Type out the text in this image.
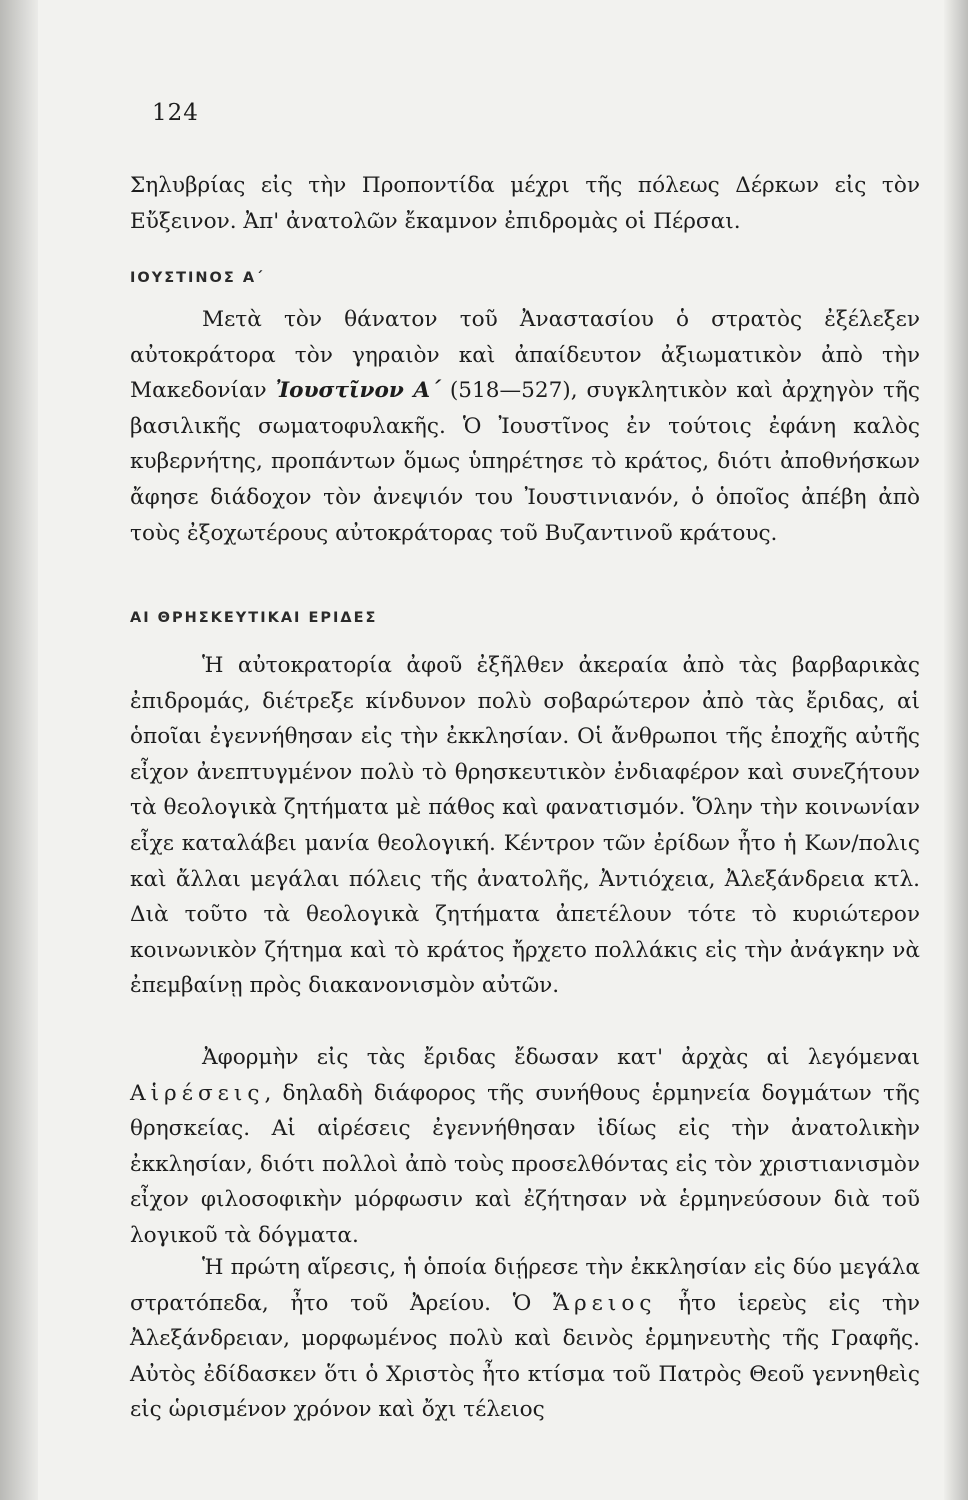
124

Σηλυβρίας εἰς τὴν Προποντίδα μέχρι τῆς πόλεως Δέρκων εἰς τὸν Εὔξεινον. Ἀπ' ἀνατολῶν ἔκαμνον ἐπιδρομὰς οἱ Πέρσαι.

ΙΟΥΣΤΙΝΟΣ Α΄

Μετὰ τὸν θάνατον τοῦ Ἀναστασίου ὁ στρατὸς ἐξέλεξεν αὐτοκράτορα τὸν γηραιὸν καὶ ἀπαίδευτον ἀξιωματικὸν ἀπὸ τὴν Μακεδονίαν Ἰουστῖνον Α΄ (518—527), συγκλητικὸν καὶ ἀρχηγὸν τῆς βασιλικῆς σωματοφυλακῆς. Ὁ Ἰουστῖνος ἐν τούτοις ἐφάνη καλὸς κυβερνήτης, προπάντων ὅμως ὑπηρέτησε τὸ κράτος, διότι ἀποθνήσκων ἄφησε διάδοχον τὸν ἀνεψιόν του Ἰουστινιανόν, ὁ ὁποῖος ἀπέβη ἀπὸ τοὺς ἐξοχωτέρους αὐτοκράτορας τοῦ Βυζαντινοῦ κράτους.

ΑΙ ΘΡΗΣΚΕΥΤΙΚΑΙ ΕΡΙΔΕΣ

Ἡ αὐτοκρατορία ἀφοῦ ἐξῆλθεν ἀκεραία ἀπὸ τὰς βαρβαρικὰς ἐπιδρομάς, διέτρεξε κίνδυνον πολὺ σοβαρώτερον ἀπὸ τὰς ἔριδας, αἱ ὁποῖαι ἐγεννήθησαν εἰς τὴν ἐκκλησίαν. Οἱ ἄνθρωποι τῆς ἐποχῆς αὐτῆς εἶχον ἀνεπτυγμένον πολὺ τὸ θρησκευτικὸν ἐνδιαφέρον καὶ συνεζήτουν τὰ θεολογικὰ ζητήματα μὲ πάθος καὶ φανατισμόν. Ὅλην τὴν κοινωνίαν εἶχε καταλάβει μανία θεολογική. Κέντρον τῶν ἐρίδων ἦτο ἡ Κων/πολις καὶ ἄλλαι μεγάλαι πόλεις τῆς ἀνατολῆς, Ἀντιόχεια, Ἀλεξάνδρεια κτλ. Διὰ τοῦτο τὰ θεολογικὰ ζητήματα ἀπετέλουν τότε τὸ κυριώτερον κοινωνικὸν ζήτημα καὶ τὸ κράτος ἤρχετο πολλάκις εἰς τὴν ἀνάγκην νὰ ἐπεμβαίνῃ πρὸς διακανονισμὸν αὐτῶν.

Ἀφορμὴν εἰς τὰς ἔριδας ἔδωσαν κατ' ἀρχὰς αἱ λεγόμεναι Αἱρέσεις, δηλαδὴ διάφορος τῆς συνήθους ἑρμηνεία δογμάτων τῆς θρησκείας. Αἱ αἱρέσεις ἐγεννήθησαν ἰδίως εἰς τὴν ἀνατολικὴν ἐκκλησίαν, διότι πολλοὶ ἀπὸ τοὺς προσελθόντας εἰς τὸν χριστιανισμὸν εἶχον φιλοσοφικὴν μόρφωσιν καὶ ἐζήτησαν νὰ ἑρμηνεύσουν διὰ τοῦ λογικοῦ τὰ δόγματα.

Ἡ πρώτη αἵρεσις, ἡ ὁποία διῄρεσε τὴν ἐκκλησίαν εἰς δύο μεγάλα στρατόπεδα, ἦτο τοῦ Ἀρείου. Ὁ Ἄρειος ἦτο ἱερεὺς εἰς τὴν Ἀλεξάνδρειαν, μορφωμένος πολὺ καὶ δεινὸς ἑρμηνευτὴς τῆς Γραφῆς. Αὐτὸς ἐδίδασκεν ὅτι ὁ Χριστὸς ἦτο κτίσμα τοῦ Πατρὸς Θεοῦ γεννηθεὶς εἰς ὡρισμένον χρόνον καὶ ὄχι τέλειος
